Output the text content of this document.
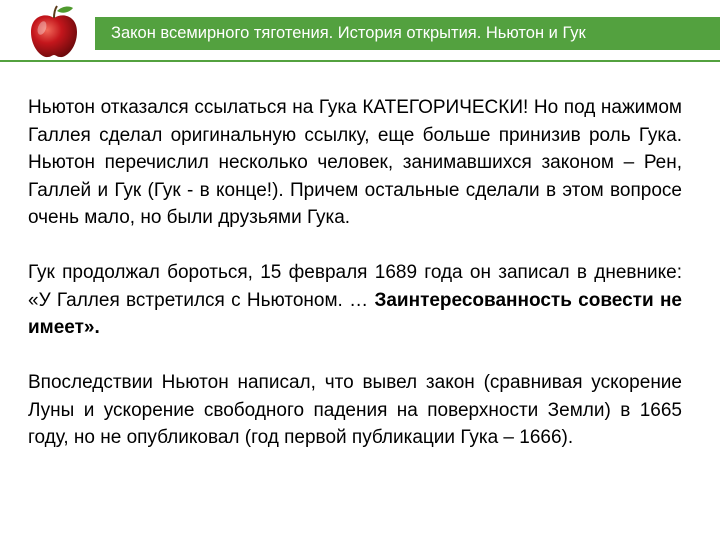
Закон всемирного тяготения. История открытия. Ньютон и Гук

Ньютон отказался ссылаться на Гука КАТЕГОРИЧЕСКИ! Но под нажимом Галлея сделал оригинальную ссылку, еще больше принизив роль Гука. Ньютон перечислил несколько человек, занимавшихся законом – Рен, Галлей и Гук (Гук - в конце!). Причем остальные сделали в этом вопросе очень мало, но были друзьями Гука.

Гук продолжал бороться, 15 февраля 1689 года он записал в дневнике: «У Галлея встретился с Ньютоном. … Заинтересованность совести не имеет».

Впоследствии Ньютон написал, что вывел закон (сравнивая ускорение Луны и ускорение свободного падения на поверхности Земли) в 1665 году, но не опубликовал (год первой публикации Гука – 1666).
